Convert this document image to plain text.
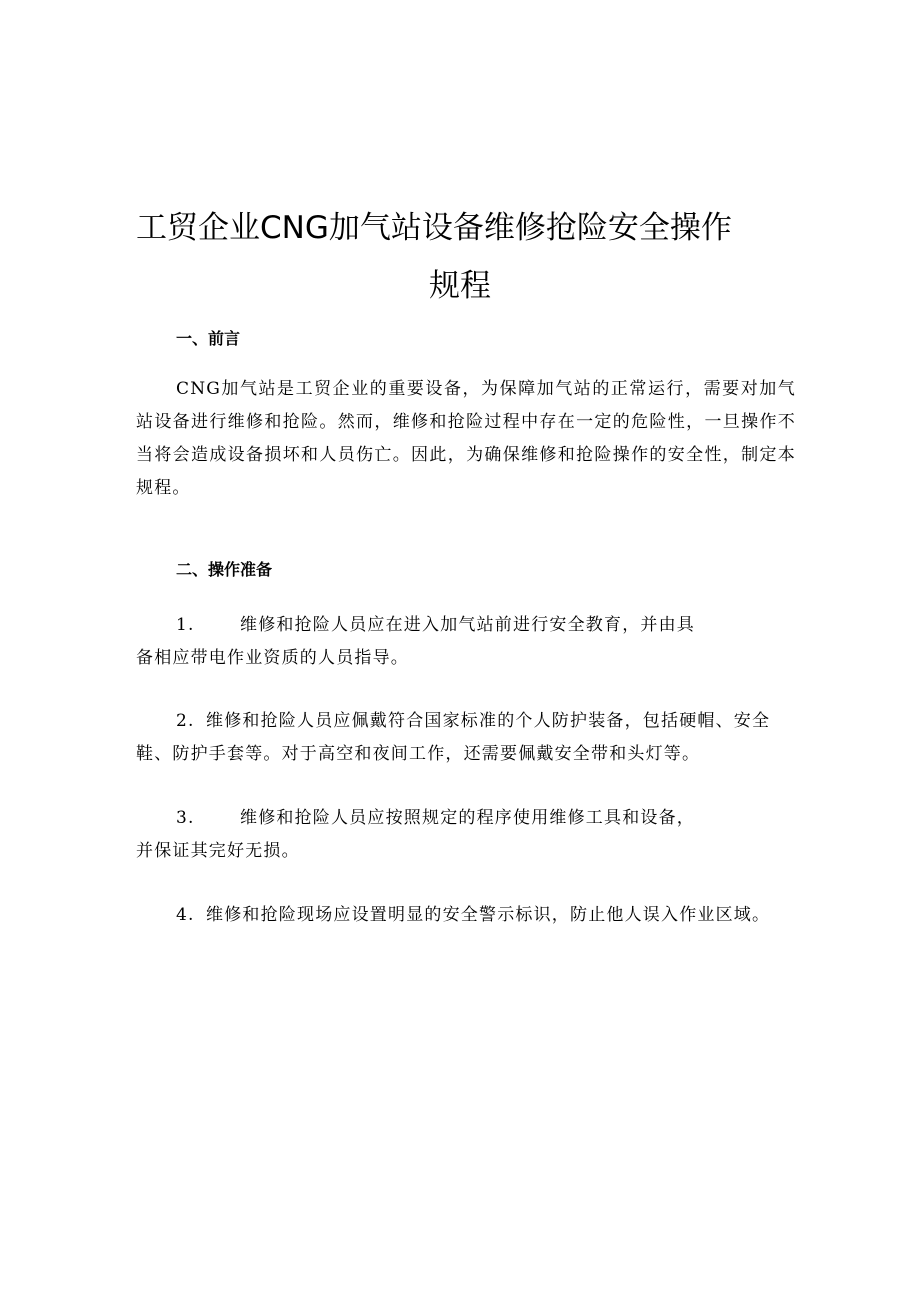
工贸企业CNG加气站设备维修抢险安全操作
规程
一、前言
CNG加气站是工贸企业的重要设备，为保障加气站的正常运行，需要对加气站设备进行维修和抢险。然而，维修和抢险过程中存在一定的危险性，一旦操作不当将会造成设备损坏和人员伤亡。因此，为确保维修和抢险操作的安全性，制定本规程。
二、操作准备
1.	维修和抢险人员应在进入加气站前进行安全教育，并由具
备相应带电作业资质的人员指导。
2. 维修和抢险人员应佩戴符合国家标准的个人防护装备，包括硬帽、安全
鞋、防护手套等。对于高空和夜间工作，还需要佩戴安全带和头灯等。
3.	维修和抢险人员应按照规定的程序使用维修工具和设备，
并保证其完好无损。
4. 维修和抢险现场应设置明显的安全警示标识，防止他人误入作业区域。
